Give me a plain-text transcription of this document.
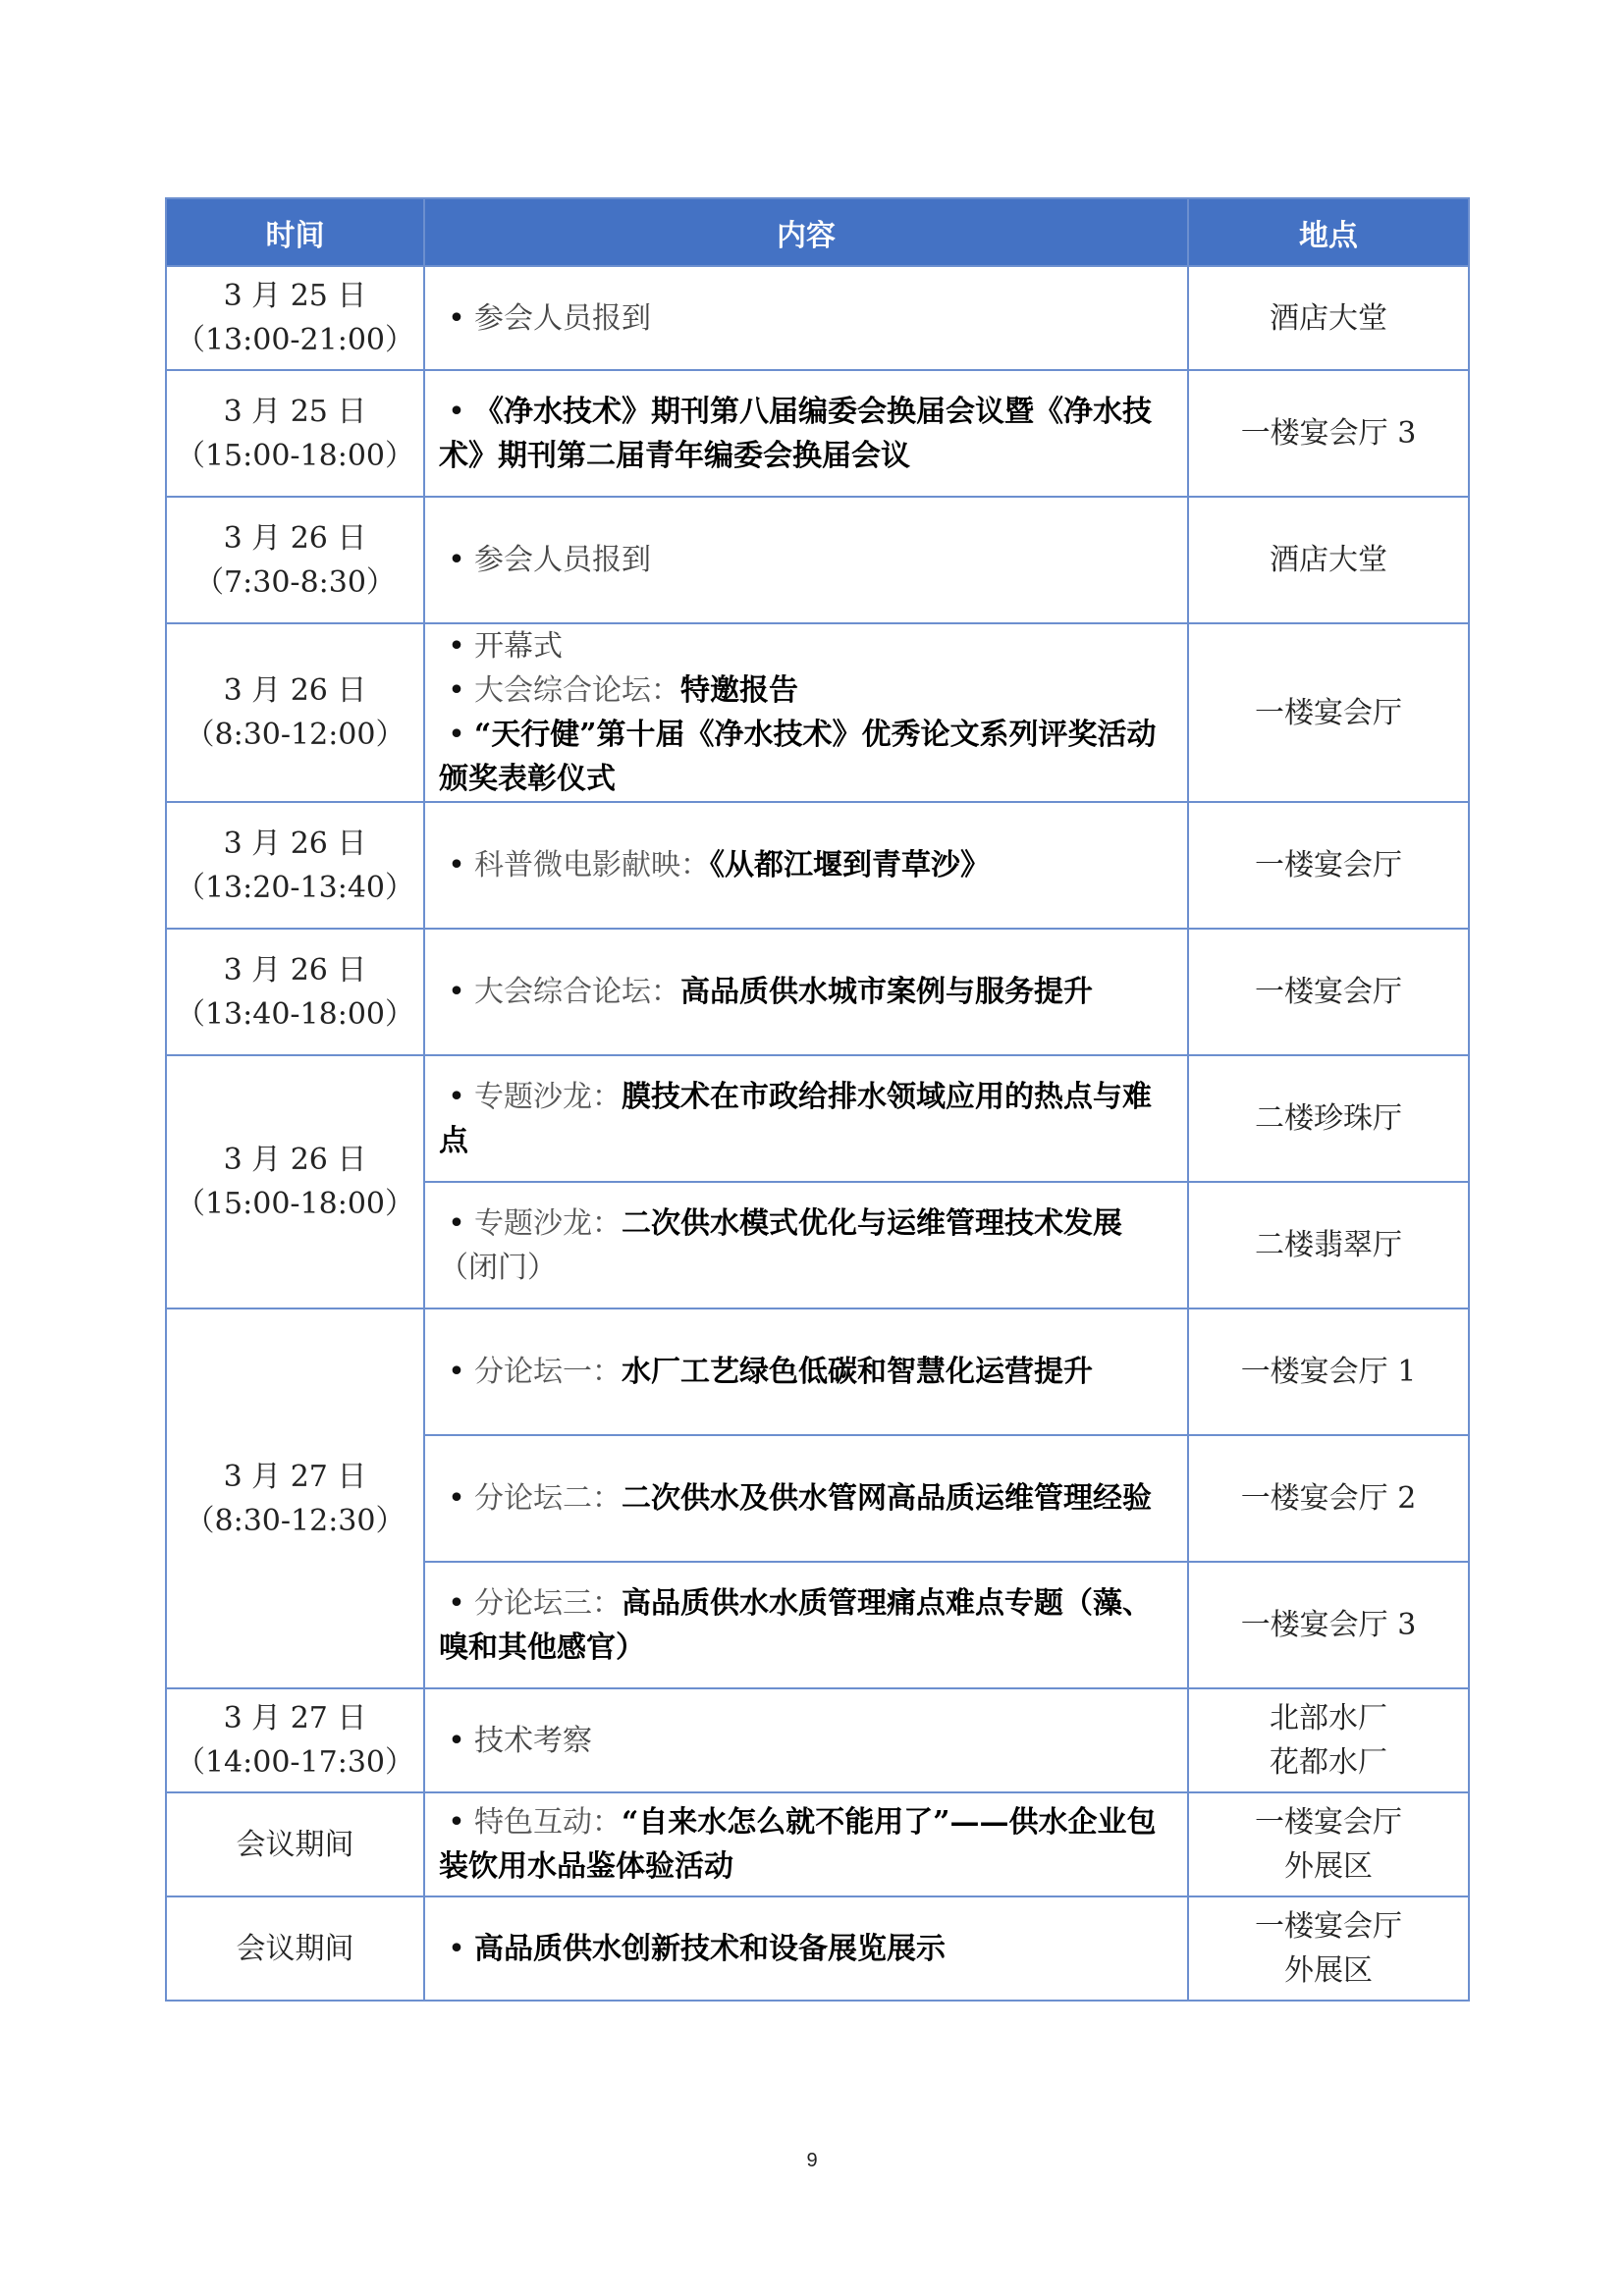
时间	内容	地点

3 月 25 日
（13:00-21:00）	• 参会人员报到	酒店大堂

3 月 25 日
（15:00-18:00）	• 《净水技术》期刊第八届编委会换届会议暨《净水技术》期刊第二届青年编委会换届会议	一楼宴会厅 3

3 月 26 日
（7:30-8:30）	• 参会人员报到	酒店大堂

3 月 26 日
（8:30-12:00）	• 开幕式
• 大会综合论坛：特邀报告
• “天行健”第十届《净水技术》优秀论文系列评奖活动颁奖表彰仪式	一楼宴会厅

3 月 26 日
（13:20-13:40）	• 科普微电影献映：《从都江堰到青草沙》	一楼宴会厅

3 月 26 日
（13:40-18:00）	• 大会综合论坛：高品质供水城市案例与服务提升	一楼宴会厅

3 月 26 日
（15:00-18:00）	• 专题沙龙：膜技术在市政给排水领域应用的热点与难点	二楼珍珠厅

	• 专题沙龙：二次供水模式优化与运维管理技术发展（闭门）	二楼翡翠厅

3 月 27 日
（8:30-12:30）	• 分论坛一：水厂工艺绿色低碳和智慧化运营提升	一楼宴会厅 1

	• 分论坛二：二次供水及供水管网高品质运维管理经验	一楼宴会厅 2

	• 分论坛三：高品质供水水质管理痛点难点专题（藻、嗅和其他感官）	一楼宴会厅 3

3 月 27 日
（14:00-17:30）	• 技术考察	北部水厂
花都水厂

会议期间	• 特色互动：“自来水怎么就不能用了”——供水企业包装饮用水品鉴体验活动	一楼宴会厅
外展区

会议期间	• 高品质供水创新技术和设备展览展示	一楼宴会厅
外展区
9
